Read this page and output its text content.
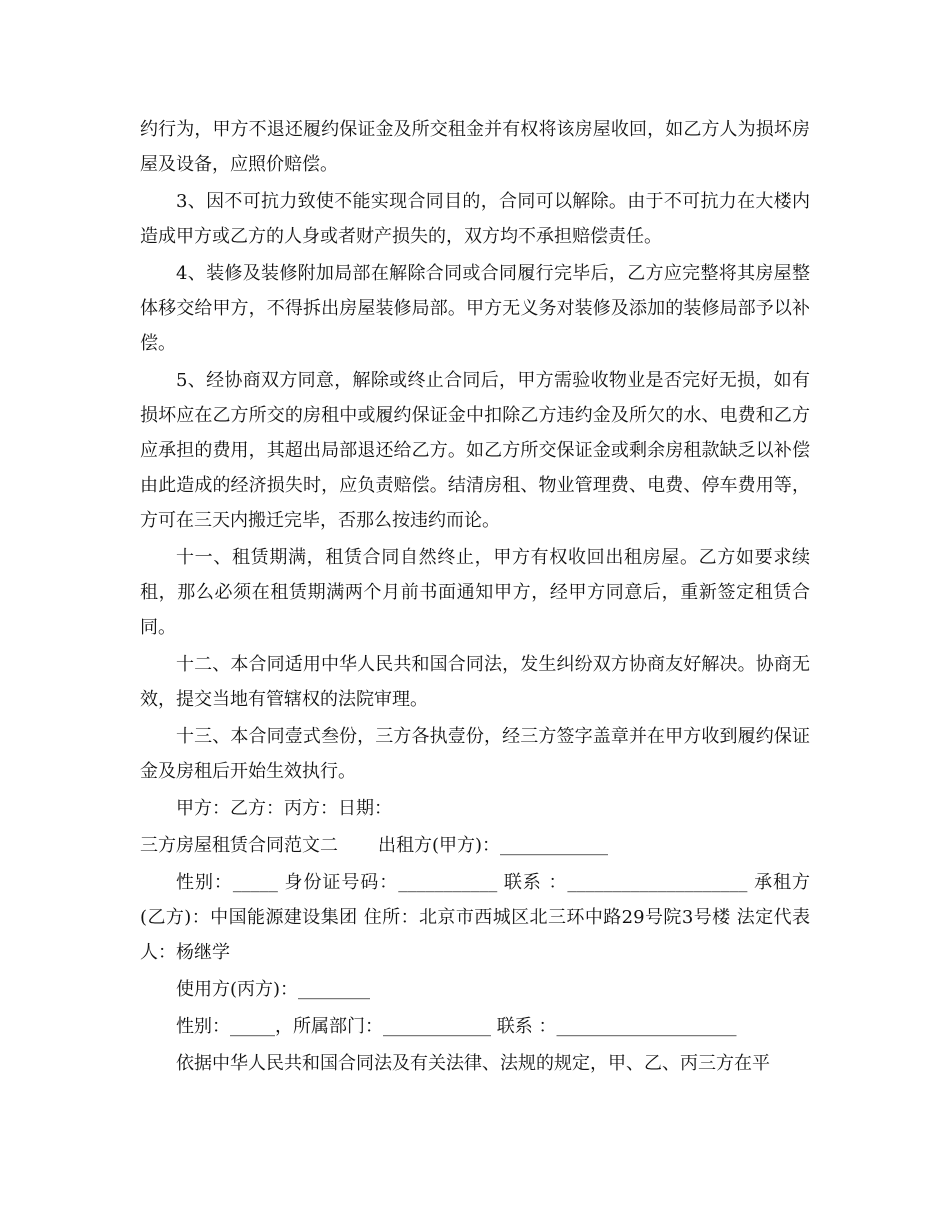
约行为，甲方不退还履约保证金及所交租金并有权将该房屋收回，如乙方人为损坏房屋及设备，应照价赔偿。

3、因不可抗力致使不能实现合同目的，合同可以解除。由于不可抗力在大楼内造成甲方或乙方的人身或者财产损失的，双方均不承担赔偿责任。

4、装修及装修附加局部在解除合同或合同履行完毕后，乙方应完整将其房屋整体移交给甲方，不得拆出房屋装修局部。甲方无义务对装修及添加的装修局部予以补偿。

5、经协商双方同意，解除或终止合同后，甲方需验收物业是否完好无损，如有损坏应在乙方所交的房租中或履约保证金中扣除乙方违约金及所欠的水、电费和乙方应承担的费用，其超出局部退还给乙方。如乙方所交保证金或剩余房租款缺乏以补偿由此造成的经济损失时，应负责赔偿。结清房租、物业管理费、电费、停车费用等，方可在三天内搬迁完毕，否那么按违约而论。

十一、租赁期满，租赁合同自然终止，甲方有权收回出租房屋。乙方如要求续租，那么必须在租赁期满两个月前书面通知甲方，经甲方同意后，重新签定租赁合同。

十二、本合同适用中华人民共和国合同法，发生纠纷双方协商友好解决。协商无效，提交当地有管辖权的法院审理。

十三、本合同壹式叁份，三方各执壹份，经三方签字盖章并在甲方收到履约保证金及房租后开始生效执行。

甲方：乙方：丙方：日期：

三方房屋租赁合同范文二 出租方(甲方)：____________

性别：_____ 身份证号码：___________ 联系 ：____________________ 承租方(乙方)：中国能源建设集团 住所：北京市西城区北三环中路29号院3号楼 法定代表人：杨继学

使用方(丙方)：________

性别：_____，所属部门：____________ 联系 ：____________________

依据中华人民共和国合同法及有关法律、法规的规定，甲、乙、丙三方在平
